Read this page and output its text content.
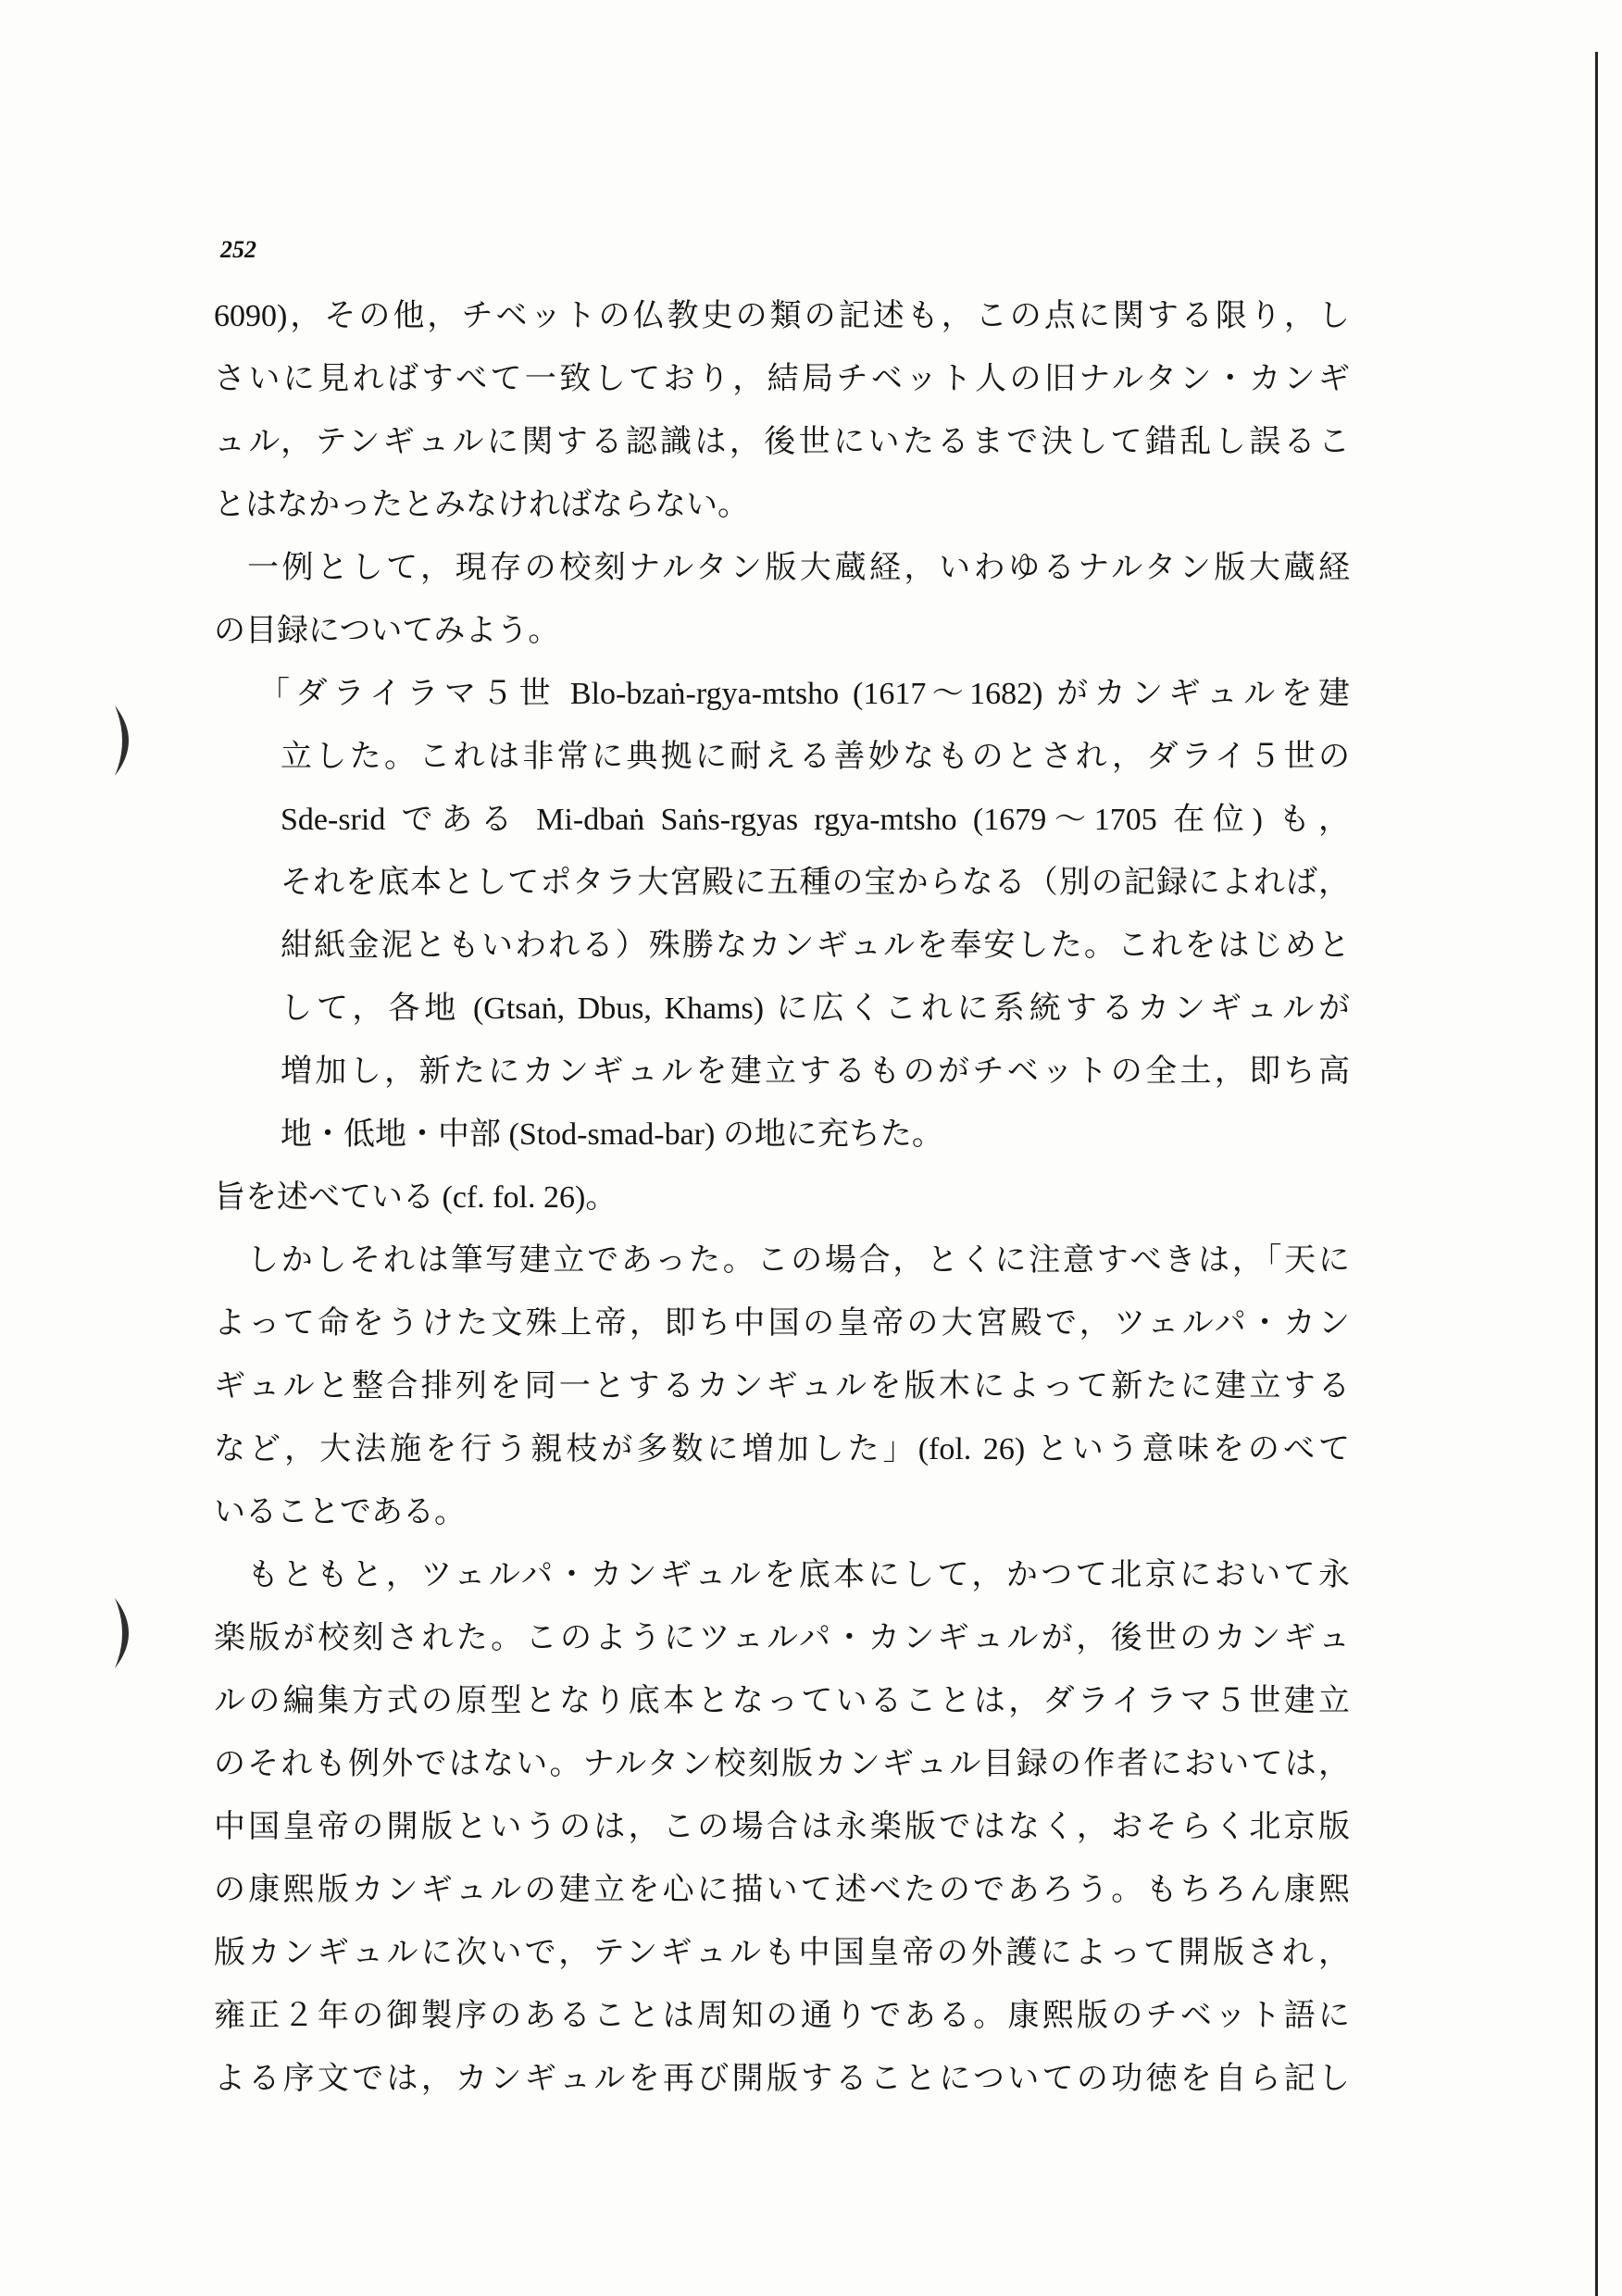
252
6090)，その他，チベットの仏教史の類の記述も，この点に関する限り，し
さいに見ればすべて一致しており，結局チベット人の旧ナルタン・カンギ
ュル，テンギュルに関する認識は，後世にいたるまで決して錯乱し誤るこ
とはなかったとみなければならない。
一例として，現存の校刻ナルタン版大蔵経，いわゆるナルタン版大蔵経
の目録についてみよう。
「ダライラマ５世 Blo-bzaṅ-rgya-mtsho (1617〜1682) がカンギュルを建
立した。これは非常に典拠に耐える善妙なものとされ，ダライ５世の
Sde-srid である Mi-dbaṅ Saṅs-rgyas rgya-mtsho (1679〜1705 在位) も，
それを底本としてポタラ大宮殿に五種の宝からなる（別の記録によれば，
紺紙金泥ともいわれる）殊勝なカンギュルを奉安した。これをはじめと
して，各地 (Gtsaṅ, Dbus, Khams) に広くこれに系統するカンギュルが
増加し，新たにカンギュルを建立するものがチベットの全土，即ち高
地・低地・中部 (Stod-smad-bar) の地に充ちた。
旨を述べている (cf. fol. 26)。
しかしそれは筆写建立であった。この場合，とくに注意すべきは，「天に
よって命をうけた文殊上帝，即ち中国の皇帝の大宮殿で，ツェルパ・カン
ギュルと整合排列を同一とするカンギュルを版木によって新たに建立する
など，大法施を行う親枝が多数に増加した」(fol. 26) という意味をのべて
いることである。
もともと，ツェルパ・カンギュルを底本にして，かつて北京において永
楽版が校刻された。このようにツェルパ・カンギュルが，後世のカンギュ
ルの編集方式の原型となり底本となっていることは，ダライラマ５世建立
のそれも例外ではない。ナルタン校刻版カンギュル目録の作者においては，
中国皇帝の開版というのは，この場合は永楽版ではなく，おそらく北京版
の康熙版カンギュルの建立を心に描いて述べたのであろう。もちろん康熙
版カンギュルに次いで，テンギュルも中国皇帝の外護によって開版され，
雍正２年の御製序のあることは周知の通りである。康熙版のチベット語に
よる序文では，カンギュルを再び開版することについての功徳を自ら記し
